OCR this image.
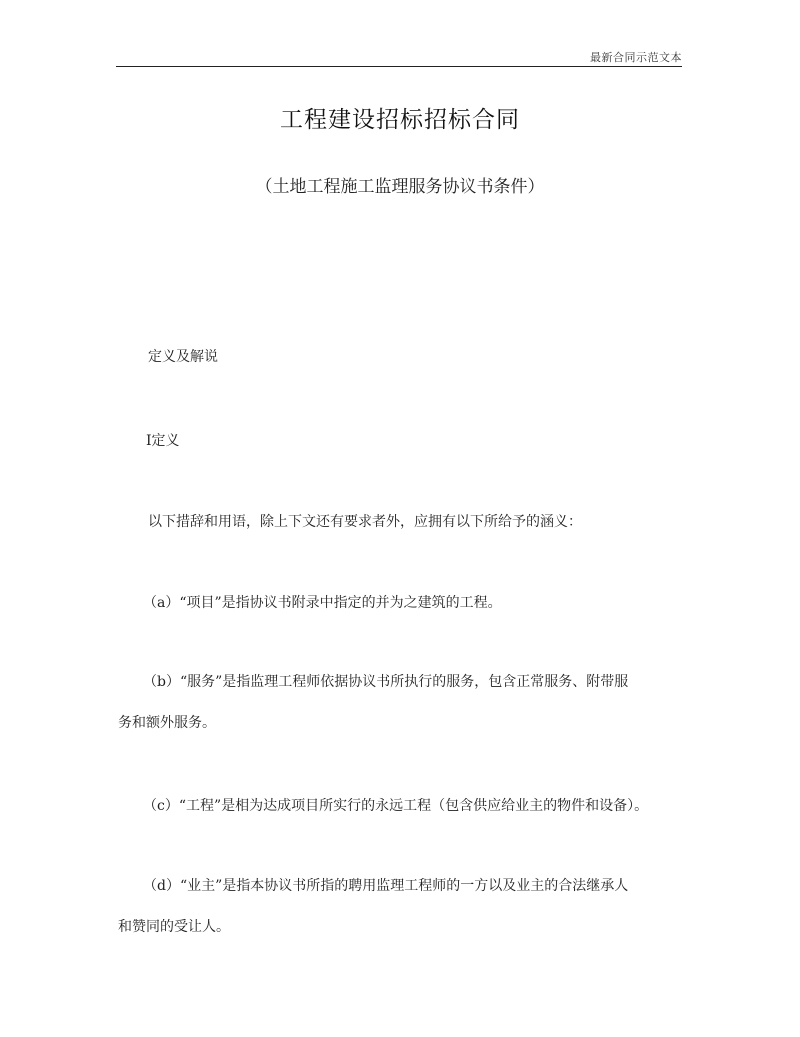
最新合同示范文本
工程建设招标招标合同
（土地工程施工监理服务协议书条件）
定义及解说
Ⅰ定义
以下措辞和用语，除上下文还有要求者外，应拥有以下所给予的涵义：
（a）“项目”是指协议书附录中指定的并为之建筑的工程。
（b）“服务”是指监理工程师依据协议书所执行的服务，包含正常服务、附带服
务和额外服务。
（c）“工程”是相为达成项目所实行的永远工程（包含供应给业主的物件和设备）。
（d）“业主”是指本协议书所指的聘用监理工程师的一方以及业主的合法继承人
和赞同的受让人。
